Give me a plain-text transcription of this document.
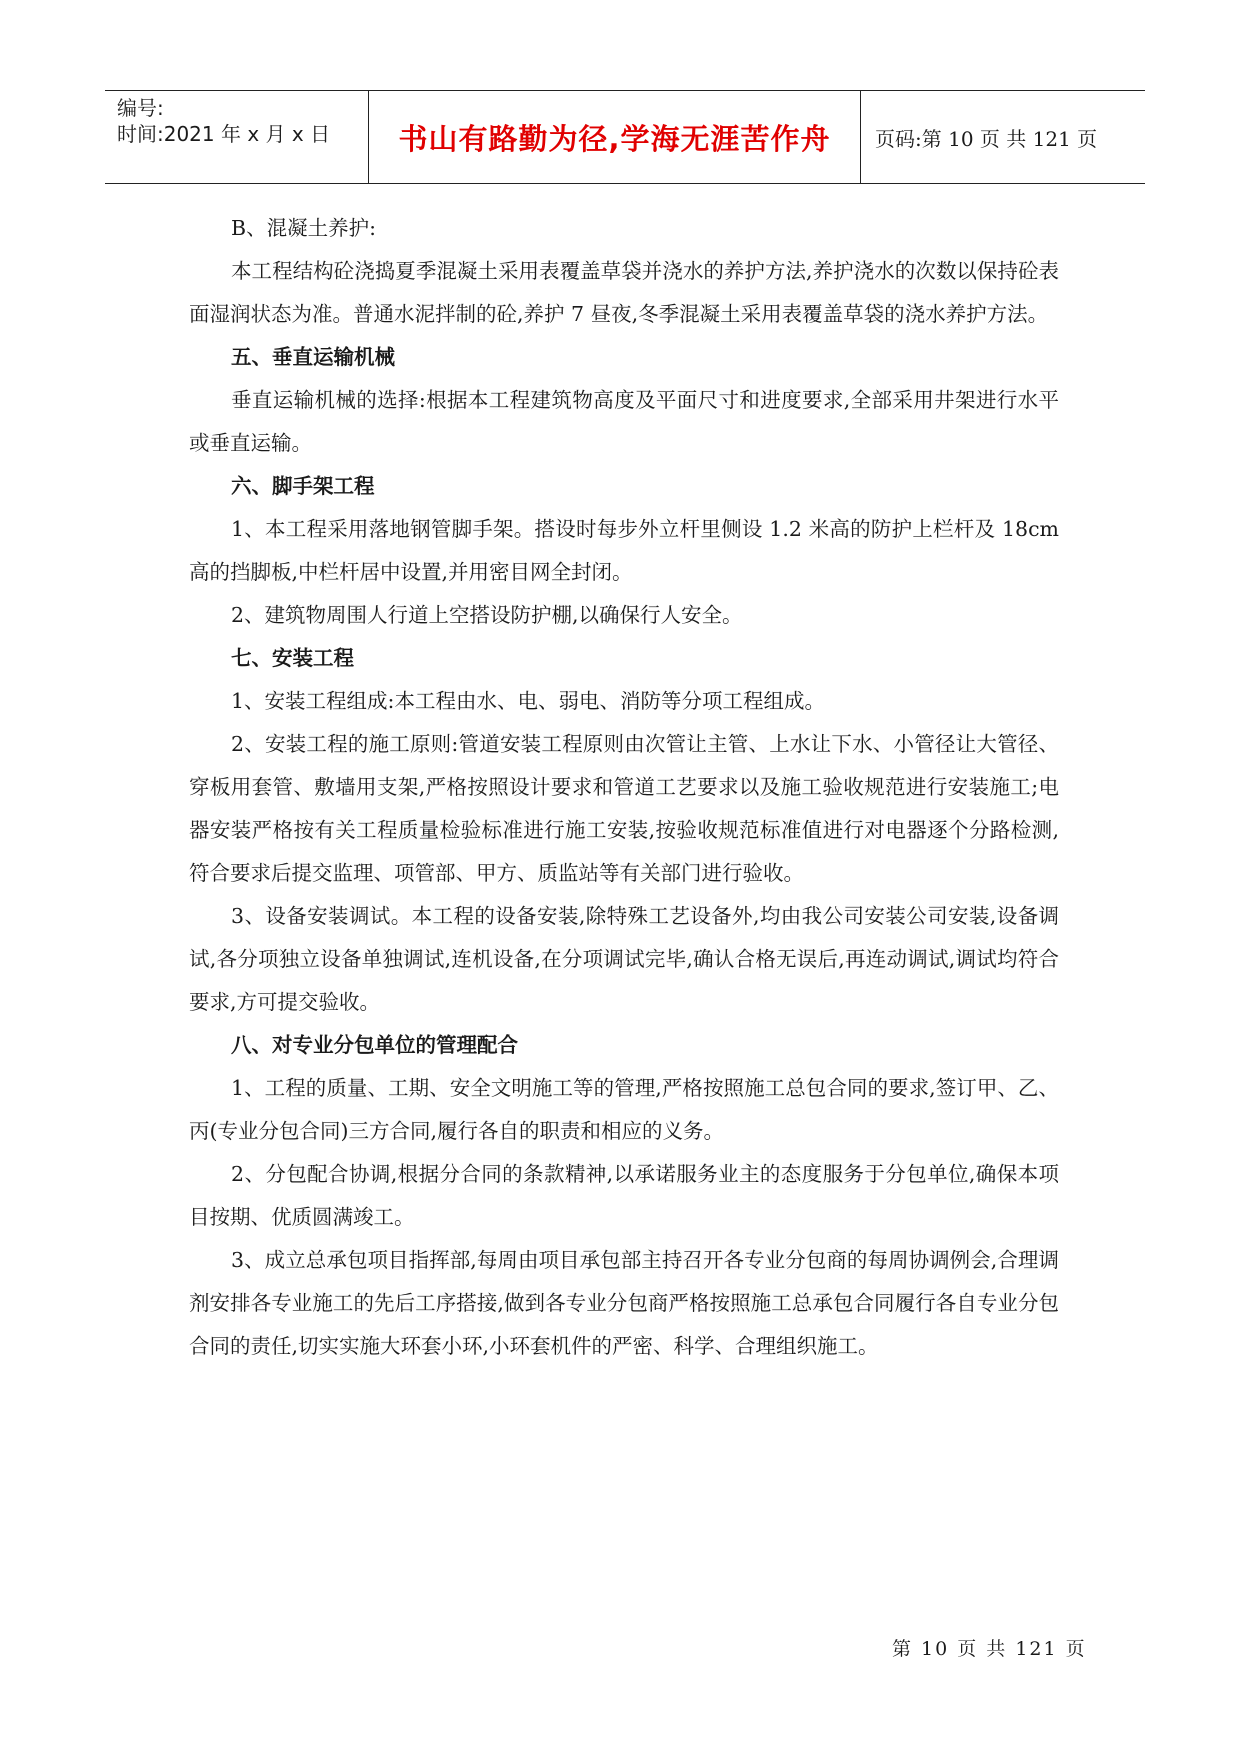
编号:
时间:2021 年 x 月 x 日	书山有路勤为径,学海无涯苦作舟	页码:第 10 页 共 121 页

B、混凝土养护:

本工程结构砼浇捣夏季混凝土采用表覆盖草袋并浇水的养护方法,养护浇水的次数以保持砼表面湿润状态为准。普通水泥拌制的砼,养护 7 昼夜,冬季混凝土采用表覆盖草袋的浇水养护方法。

五、垂直运输机械

垂直运输机械的选择:根据本工程建筑物高度及平面尺寸和进度要求,全部采用井架进行水平或垂直运输。

六、脚手架工程

1、本工程采用落地钢管脚手架。搭设时每步外立杆里侧设 1.2 米高的防护上栏杆及 18cm 高的挡脚板,中栏杆居中设置,并用密目网全封闭。

2、建筑物周围人行道上空搭设防护棚,以确保行人安全。

七、安装工程

1、安装工程组成:本工程由水、电、弱电、消防等分项工程组成。

2、安装工程的施工原则:管道安装工程原则由次管让主管、上水让下水、小管径让大管径、穿板用套管、敷墙用支架,严格按照设计要求和管道工艺要求以及施工验收规范进行安装施工;电器安装严格按有关工程质量检验标准进行施工安装,按验收规范标准值进行对电器逐个分路检测,符合要求后提交监理、项管部、甲方、质监站等有关部门进行验收。

3、设备安装调试。本工程的设备安装,除特殊工艺设备外,均由我公司安装公司安装,设备调试,各分项独立设备单独调试,连机设备,在分项调试完毕,确认合格无误后,再连动调试,调试均符合要求,方可提交验收。

八、对专业分包单位的管理配合

1、工程的质量、工期、安全文明施工等的管理,严格按照施工总包合同的要求,签订甲、乙、丙(专业分包合同)三方合同,履行各自的职责和相应的义务。

2、分包配合协调,根据分合同的条款精神,以承诺服务业主的态度服务于分包单位,确保本项目按期、优质圆满竣工。

3、成立总承包项目指挥部,每周由项目承包部主持召开各专业分包商的每周协调例会,合理调剂安排各专业施工的先后工序搭接,做到各专业分包商严格按照施工总承包合同履行各自专业分包合同的责任,切实实施大环套小环,小环套机件的严密、科学、合理组织施工。

第 10 页 共 121 页
